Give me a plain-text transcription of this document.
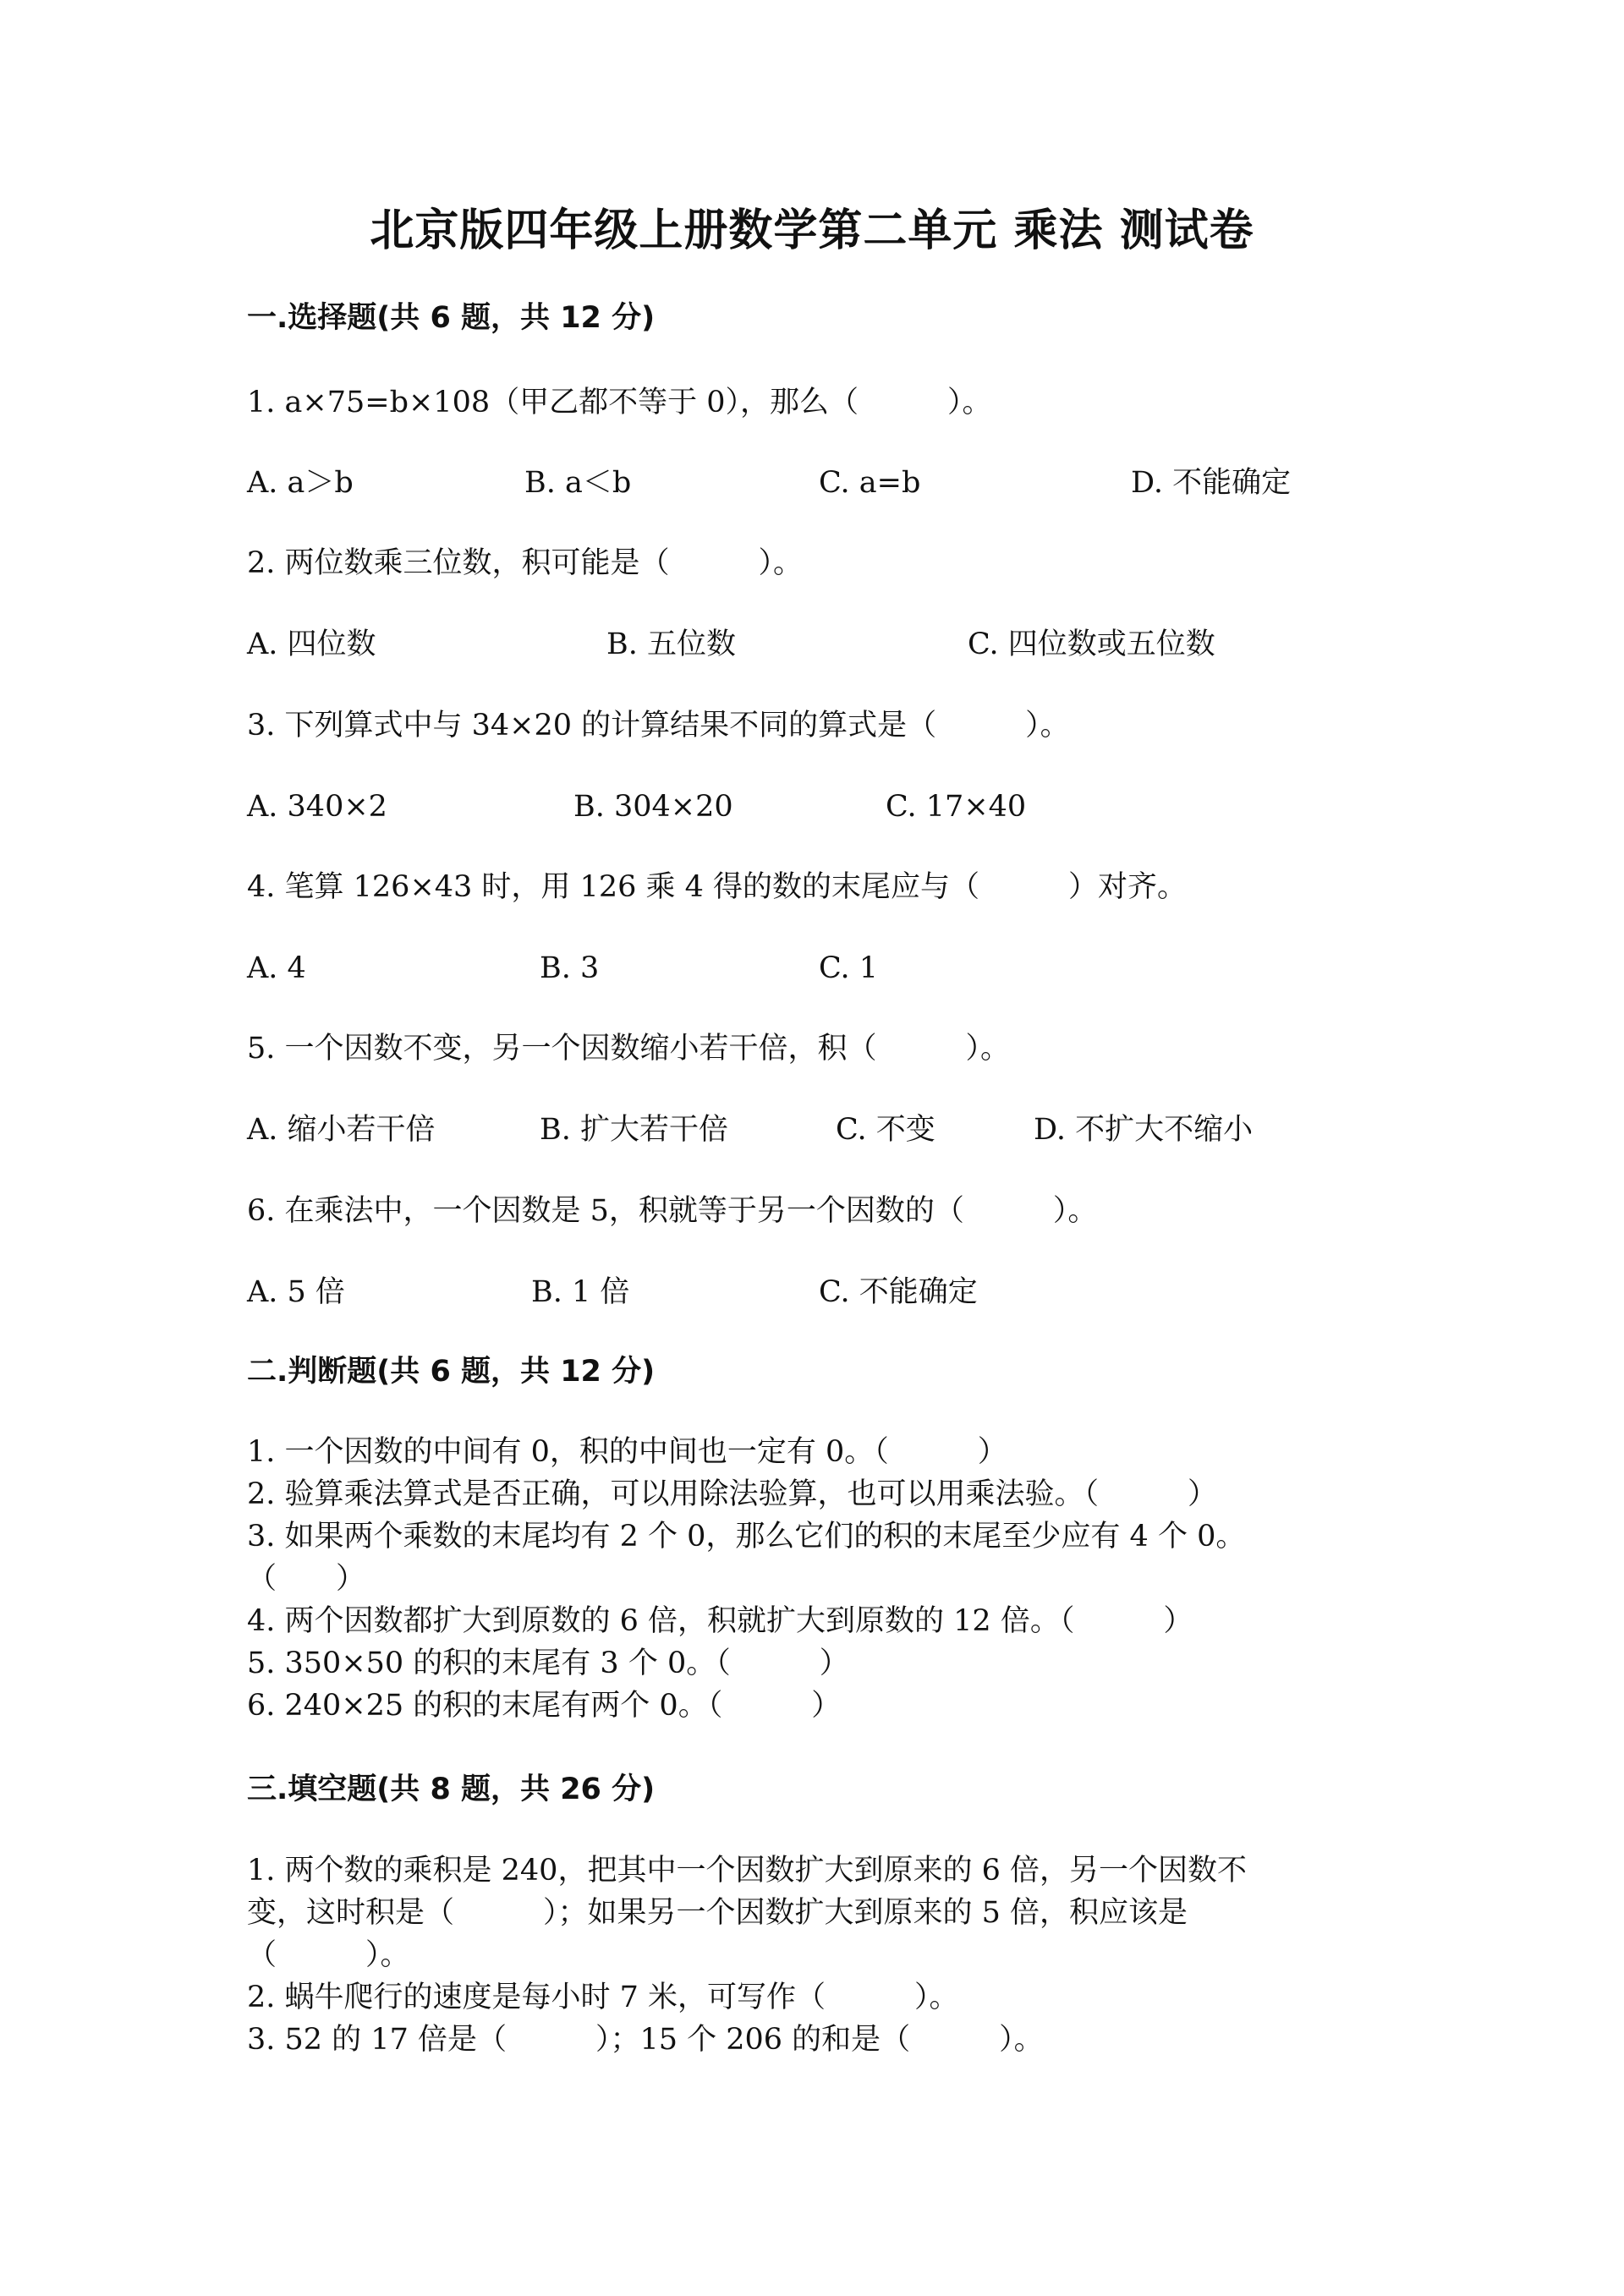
北京版四年级上册数学第二单元 乘法 测试卷
一.选择题(共 6 题，共 12 分)
1. a×75=b×108（甲乙都不等于 0），那么（　　　）。
A. a＞b	B. a＜b	C. a=b	D. 不能确定
2. 两位数乘三位数，积可能是（　　　）。
A. 四位数	B. 五位数	C. 四位数或五位数
3. 下列算式中与 34×20 的计算结果不同的算式是（　　　）。
A. 340×2	B. 304×20	C. 17×40
4. 笔算 126×43 时，用 126 乘 4 得的数的末尾应与（　　　）对齐。
A. 4	B. 3	C. 1
5. 一个因数不变，另一个因数缩小若干倍，积（　　　）。
A. 缩小若干倍	B. 扩大若干倍	C. 不变	D. 不扩大不缩小
6. 在乘法中，一个因数是 5，积就等于另一个因数的（　　　）。
A. 5 倍	B. 1 倍	C. 不能确定
二.判断题(共 6 题，共 12 分)
1. 一个因数的中间有 0，积的中间也一定有 0。（　　　）
2. 验算乘法算式是否正确，可以用除法验算，也可以用乘法验。（　　　）
3. 如果两个乘数的末尾均有 2 个 0，那么它们的积的末尾至少应有 4 个 0。
（　　）
4. 两个因数都扩大到原数的 6 倍，积就扩大到原数的 12 倍。（　　　）
5. 350×50 的积的末尾有 3 个 0。（　　　）
6. 240×25 的积的末尾有两个 0。（　　　）
三.填空题(共 8 题，共 26 分)
1. 两个数的乘积是 240，把其中一个因数扩大到原来的 6 倍，另一个因数不
变，这时积是（　　　）；如果另一个因数扩大到原来的 5 倍，积应该是
（　　　）。
2. 蜗牛爬行的速度是每小时 7 米，可写作（　　　）。
3. 52 的 17 倍是（　　　）；15 个 206 的和是（　　　）。
